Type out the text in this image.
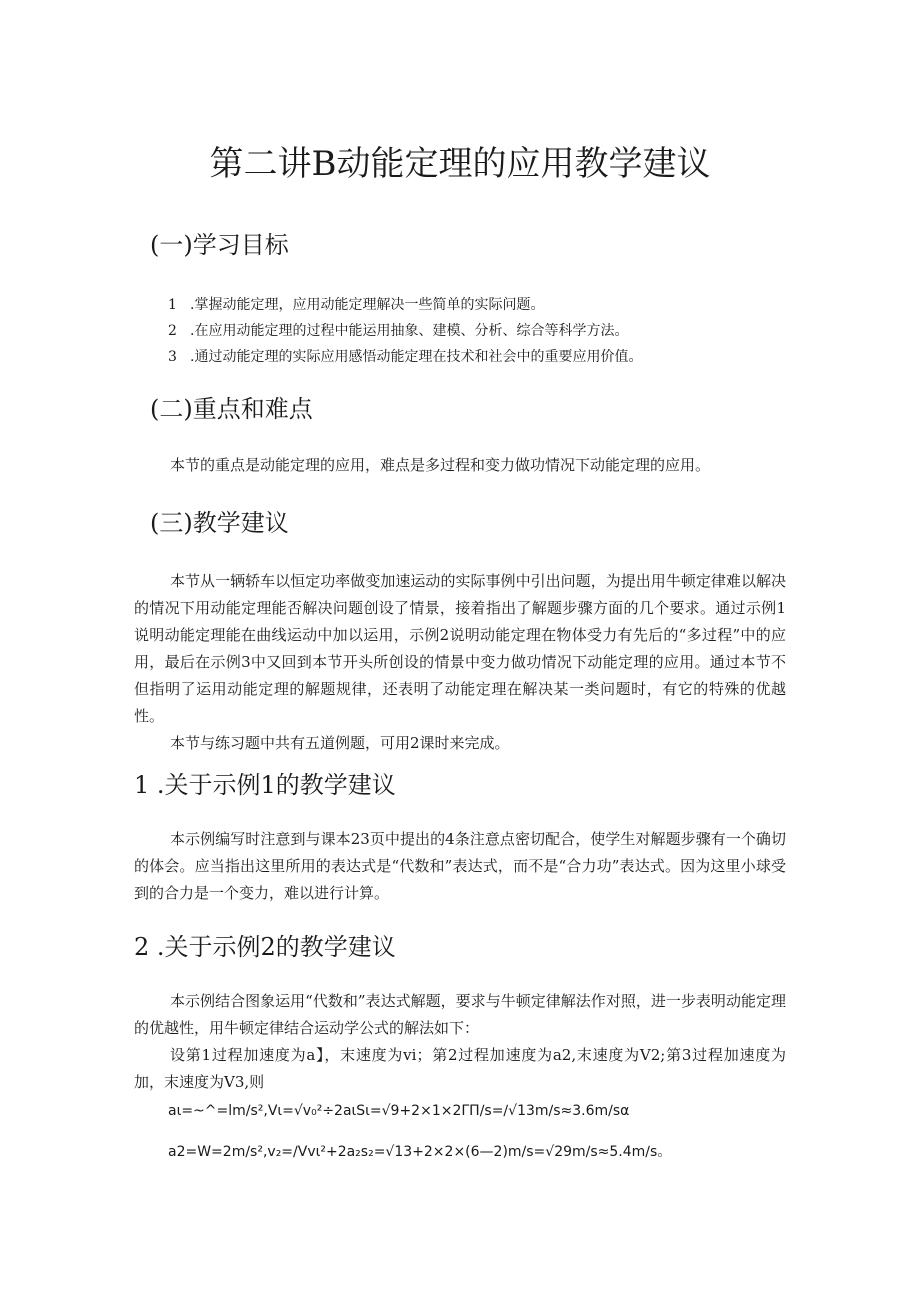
第二讲B动能定理的应用教学建议
(一)学习目标
1 .掌握动能定理，应用动能定理解决一些简单的实际问题。
2 .在应用动能定理的过程中能运用抽象、建模、分析、综合等科学方法。
3 .通过动能定理的实际应用感悟动能定理在技术和社会中的重要应用价值。
(二)重点和难点

本节的重点是动能定理的应用，难点是多过程和变力做功情况下动能定理的应用。

(三)教学建议

本节从一辆轿车以恒定功率做变加速运动的实际事例中引出问题，为提出用牛顿定律难以解决的情况下用动能定理能否解决问题创设了情景，接着指出了解题步骤方面的几个要求。通过示例1说明动能定理能在曲线运动中加以运用，示例2说明动能定理在物体受力有先后的“多过程”中的应用，最后在示例3中又回到本节开头所创设的情景中变力做功情况下动能定理的应用。通过本节不但指明了运用动能定理的解题规律，还表明了动能定理在解决某一类问题时，有它的特殊的优越性。

本节与练习题中共有五道例题，可用2课时来完成。

1 .关于示例1的教学建议

本示例编写时注意到与课本23页中提出的4条注意点密切配合，使学生对解题步骤有一个确切的体会。应当指出这里所用的表达式是“代数和”表达式，而不是“合力功”表达式。因为这里小球受到的合力是一个变力，难以进行计算。

2 .关于示例2的教学建议

本示例结合图象运用“代数和”表达式解题，要求与牛顿定律解法作对照，进一步表明动能定理的优越性，用牛顿定律结合运动学公式的解法如下：

设第1过程加速度为a】，末速度为vi；第2过程加速度为a2,末速度为V2;第3过程加速度为加，末速度为V3,则

aι=~^=lm∕s²,Vι=√v₀²÷2aιSι=√9+2×1×2ΓΠ∕s=∕√13m∕s≈3.6m∕sα
a2=W=2m∕s²,v₂=∕Vvι²+2a₂s₂=√13+2×2×(6—2)m∕s=√29m∕s≈5.4m∕s。
